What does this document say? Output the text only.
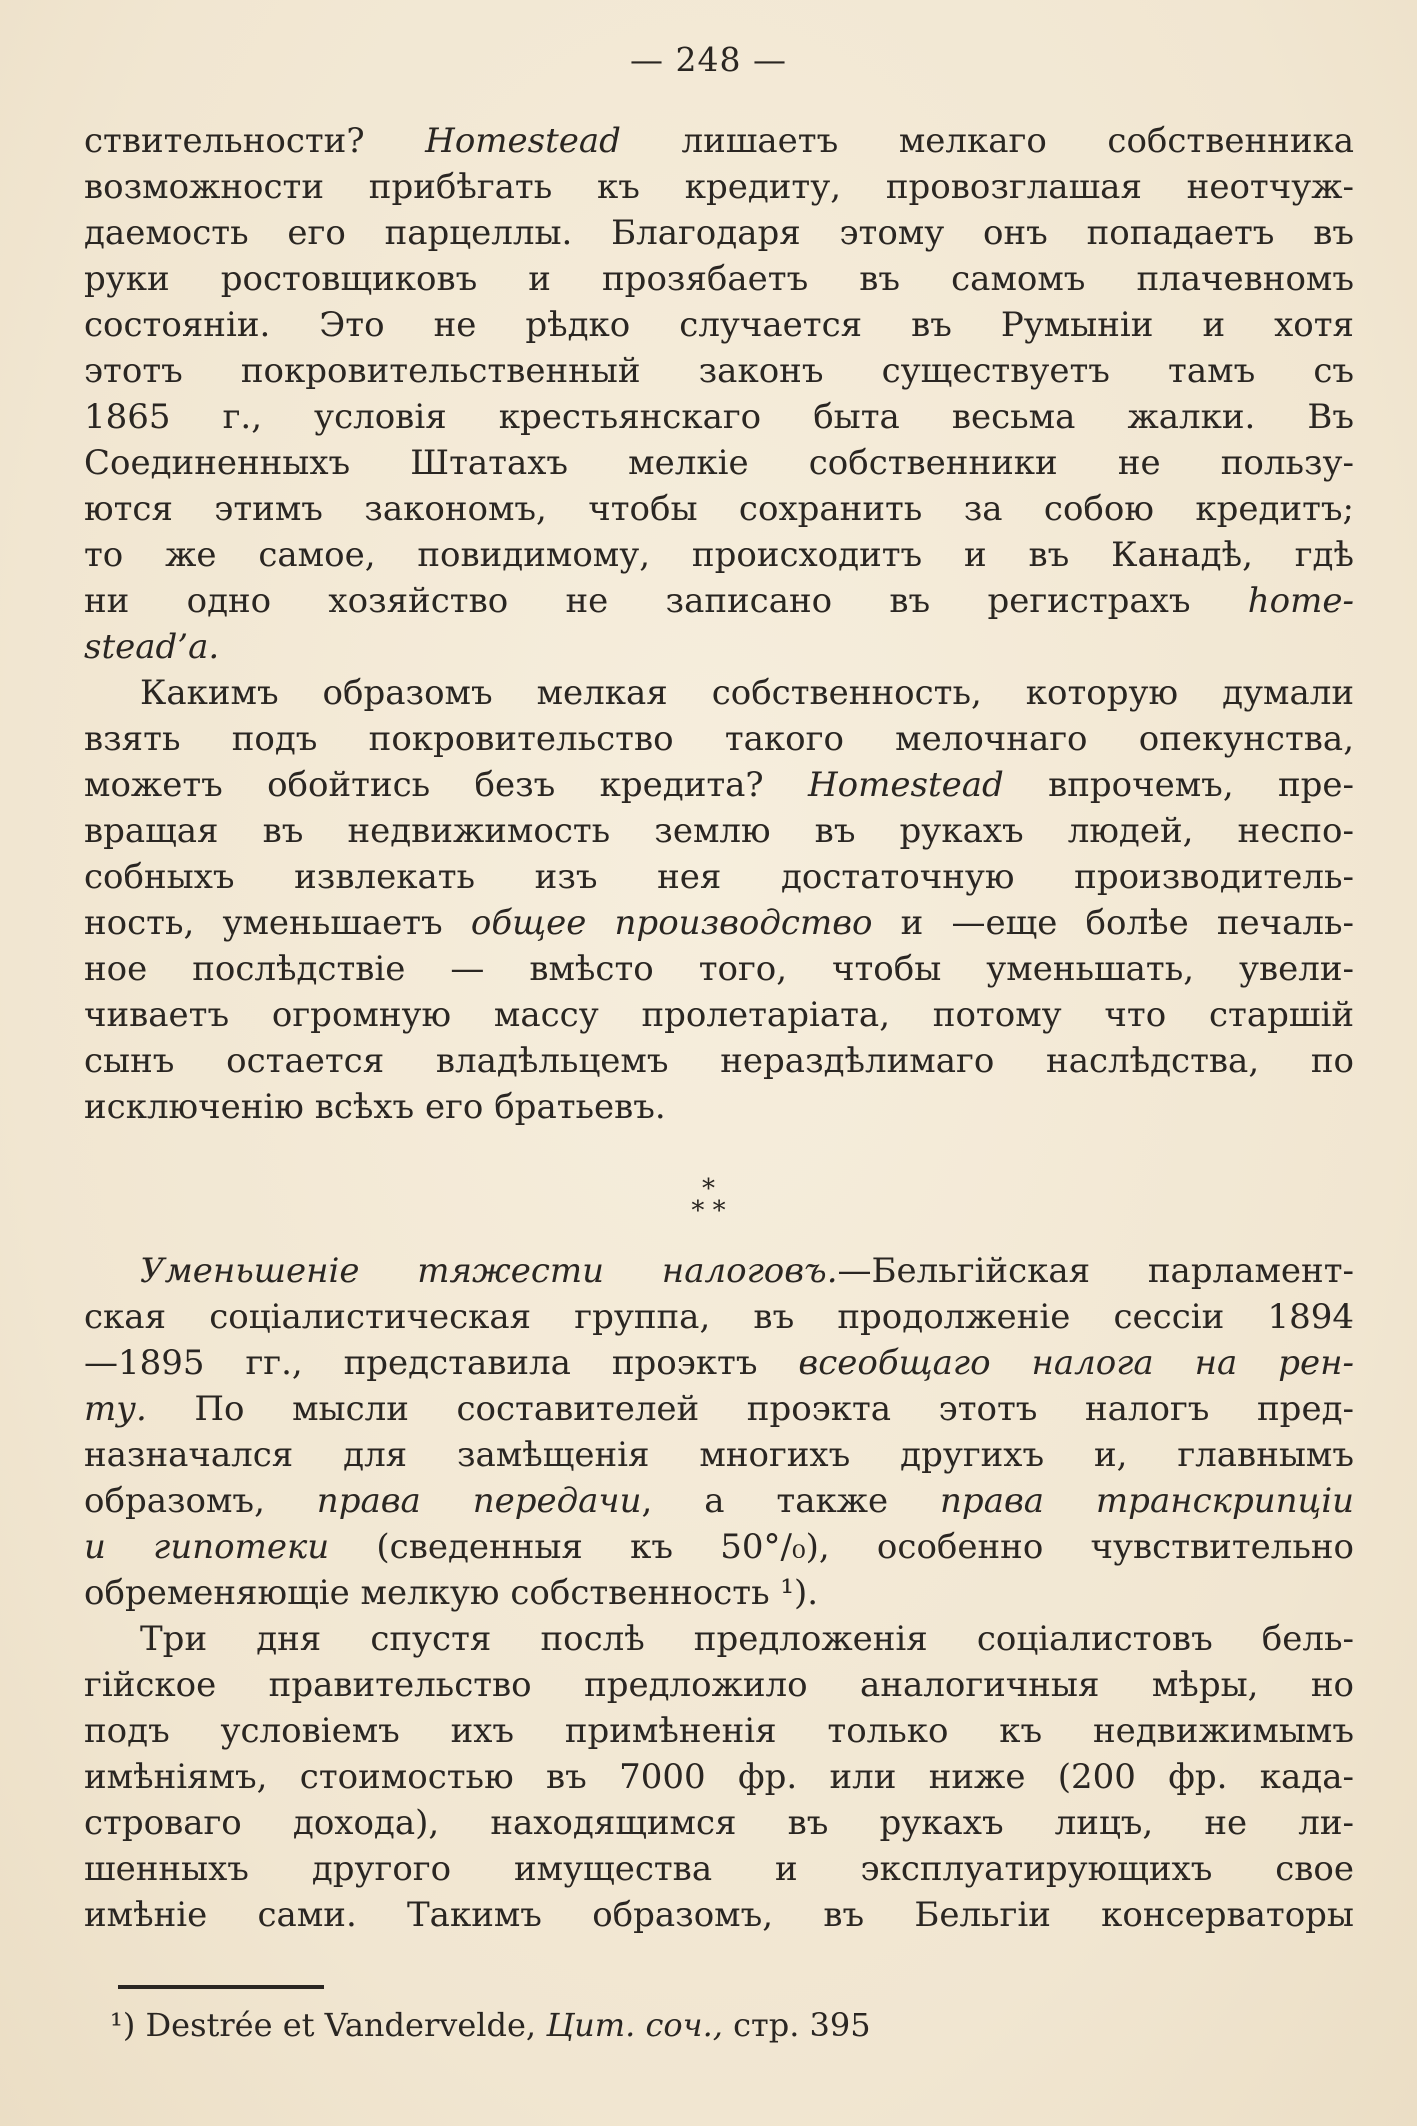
— 248 —
ствительности? Homestead лишаетъ мелкаго собственника
возможности прибѣгать къ кредиту, провозглашая неотчуж-
даемость его парцеллы. Благодаря этому онъ попадаетъ въ
руки ростовщиковъ и прозябаетъ въ самомъ плачевномъ
состояніи. Это не рѣдко случается въ Румыніи и хотя
этотъ покровительственный законъ существуетъ тамъ съ
1865 г., условія крестьянскаго быта весьма жалки. Въ
Соединенныхъ Штатахъ мелкіе собственники не пользу-
ются этимъ закономъ, чтобы сохранить за собою кредитъ;
то же самое, повидимому, происходитъ и въ Канадѣ, гдѣ
ни одно хозяйство не записано въ регистрахъ home-
stead’a.
Какимъ образомъ мелкая собственность, которую думали
взять подъ покровительство такого мелочнаго опекунства,
можетъ обойтись безъ кредита? Homestead впрочемъ, пре-
вращая въ недвижимость землю въ рукахъ людей, неспо-
собныхъ извлекать изъ нея достаточную производитель-
ность, уменьшаетъ общее производство и —еще болѣе печаль-
ное послѣдствіе — вмѣсто того, чтобы уменьшать, увели-
чиваетъ огромную массу пролетаріата, потому что старшій
сынъ остается владѣльцемъ нераздѣлимаго наслѣдства, по
исключенію всѣхъ его братьевъ.
*
* *
Уменьшеніе тяжести налоговъ.—Бельгійская парламент-
ская соціалистическая группа, въ продолженіе сессіи 1894
—1895 гг., представила проэктъ всеобщаго налога на рен-
ту. По мысли составителей проэкта этотъ налогъ пред-
назначался для замѣщенія многихъ другихъ и, главнымъ
образомъ, права передачи, а также права транскрипціи
и гипотеки (сведенныя къ 50°/₀), особенно чувствительно
обременяющіе мелкую собственность ¹).
Три дня спустя послѣ предложенія соціалистовъ бель-
гійское правительство предложило аналогичныя мѣры, но
подъ условіемъ ихъ примѣненія только къ недвижимымъ
имѣніямъ, стоимостью въ 7000 фр. или ниже (200 фр. када-
строваго дохода), находящимся въ рукахъ лицъ, не ли-
шенныхъ другого имущества и эксплуатирующихъ свое
имѣніе сами. Такимъ образомъ, въ Бельгіи консерваторы
¹) Destrée et Vandervelde, Цит. соч., стр. 395
